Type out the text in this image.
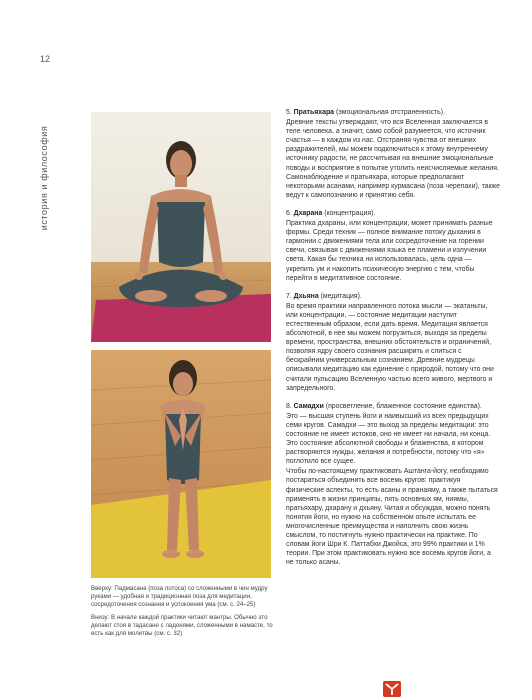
12
история и философия

Вверху: Падмасана (поза лотоса) со сложенными в чин мудру руками — удобная и традиционная поза для медитации, сосредоточения сознания и успокоения ума (см. с. 24–25)

Внизу: В начале каждой практики читают мантры. Обычно это делают стоя в тадасане с ладонями, сложенными в намасте, то есть как для молитвы (см. с. 32)

5. Пратьяхара (эмоциональная отстраненность).

Древние тексты утверждают, что вся Вселенная заключается в теле человека, а значит, само собой разумеется, что источник счастья — в каждом из нас. Отстраняя чувства от внешних раздражителей, мы можем подключиться к этому внутреннему источнику радости, не рассчитывая на внешние эмоциональные поводы и восприятие в попытке утолить неисчисляемые желания. Самонаблюдение и пратьяхара, которые предполагают некоторыми асанами, например курмасана (поза черепахи), также ведут к самопознанию и принятию себя.

6. Дхарана (концентрация).

Практика дхараны, или концентрации, может принимать разные формы. Среди техник — полное внимание потоку дыхания в гармонии с движениями тела или сосредоточение на горении свечи, связывая с движениями языка ее пламени и излучении света. Какая бы техника ни использовалась, цель одна — укрепить ум и накопить психическую энергию с тем, чтобы перейти в медитативное состояние.

7. Дхьяна (медитация).

Во время практики направленного потока мысли — экатаньты, или концентрации, — состояние медитации наступит естественным образом, если дать время. Медитация является абсолютной, в нее мы можем погрузиться, выходя за пределы времени, пространства, внешних обстоятельств и ограничений, позволяя ядру своего сознания расширить и слиться с бескрайним универсальным сознанием. Древние мудрецы описывали медитацию как единение с природой, потому что они считали пульсацию Вселенную частью всего живого, мертвого и запредельного.

8. Самадхи (просветление, блаженное состояние единства).

Это — высшая ступень йоги и наивысший из всех предыдущих семи кругов. Самадхи — это выход за пределы медитации: это состояние не имеет истоков, оно не имеет ни начала, ни конца. Это состояние абсолютной свободы и блаженства, в котором растворяются нужды, желания и потребности, потому что «я» поглотило все сущее.

Чтобы по-настоящему практиковать Аштанга-йогу, необходимо постараться объединить все восемь кругов: практикуя физические аспекты, то есть асаны и пранаяму, а также пытаться применять в жизни принципы, пять основных ям, ниямы, пратьяхару, дхарану и дхьяну. Читая и обсуждая, можно понять понятия йоги, но нужно на собственном опыте испытать ее многочисленные преимущества и наполнить свою жизнь смыслом, то постигнуть нужно практически на практике. По словам йоги Шри К. Паттабхи Джойса, это 99% практики и 1% теории. При этом практиковать нужно все восемь кругов йоги, а не только асаны.
